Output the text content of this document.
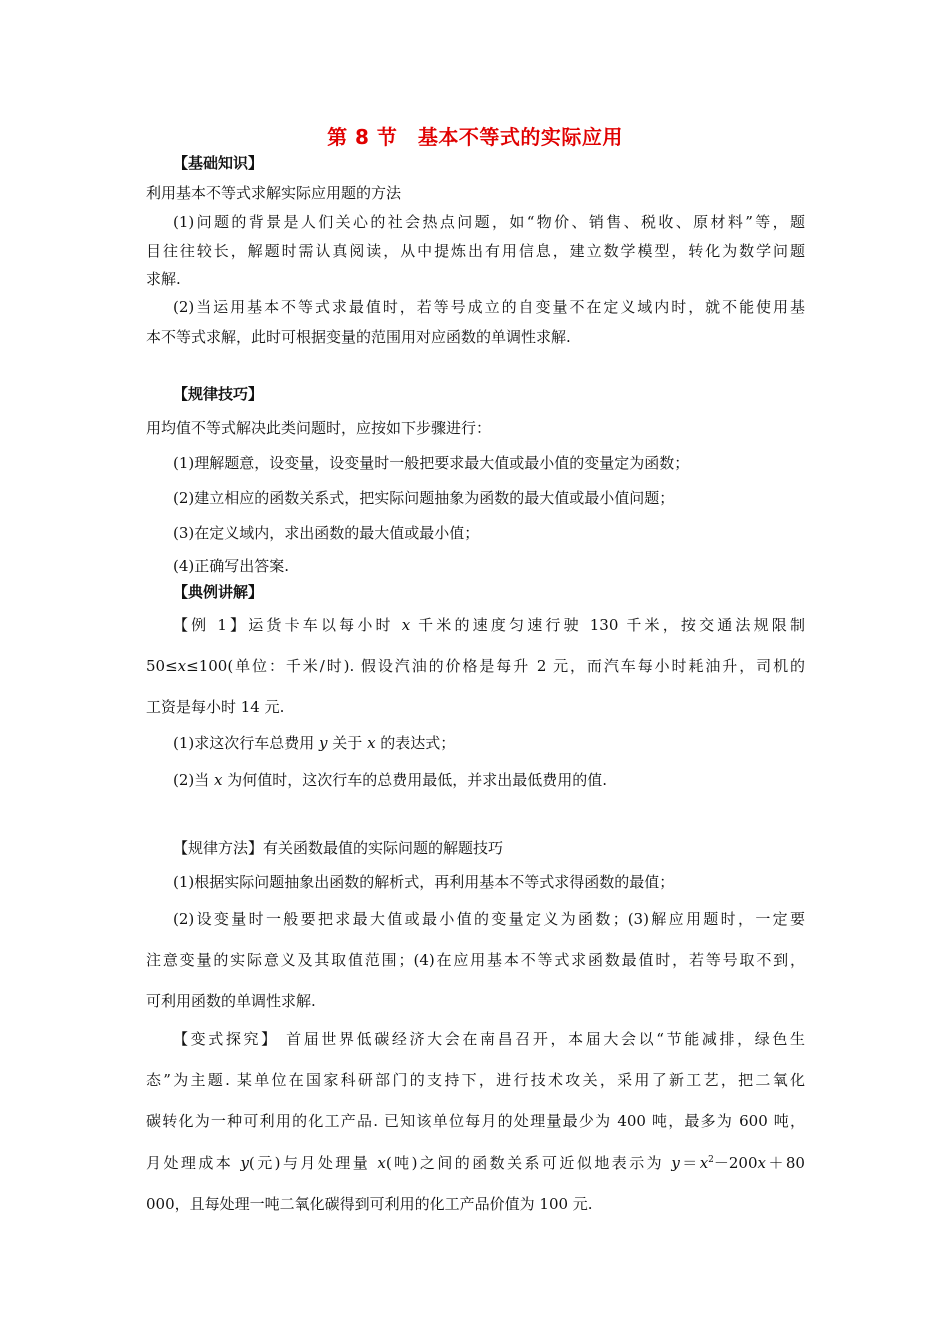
第 8 节　基本不等式的实际应用
【基础知识】
利用基本不等式求解实际应用题的方法
(1)问题的背景是人们关心的社会热点问题，如“物价、销售、税收、原材料”等，题
目往往较长，解题时需认真阅读，从中提炼出有用信息，建立数学模型，转化为数学问题
求解.
(2)当运用基本不等式求最值时，若等号成立的自变量不在定义域内时，就不能使用基
本不等式求解，此时可根据变量的范围用对应函数的单调性求解.
【规律技巧】
用均值不等式解决此类问题时，应按如下步骤进行：
(1)理解题意，设变量，设变量时一般把要求最大值或最小值的变量定为函数；
(2)建立相应的函数关系式，把实际问题抽象为函数的最大值或最小值问题；
(3)在定义域内，求出函数的最大值或最小值；
(4)正确写出答案.
【典例讲解】
【例 1】运货卡车以每小时 x 千米的速度匀速行驶 130 千米，按交通法规限制
50≤x≤100(单位：千米/时). 假设汽油的价格是每升 2 元，而汽车每小时耗油升，司机的
工资是每小时 14 元.
(1)求这次行车总费用 y 关于 x 的表达式；
(2)当 x 为何值时，这次行车的总费用最低，并求出最低费用的值.
【规律方法】有关函数最值的实际问题的解题技巧
(1)根据实际问题抽象出函数的解析式，再利用基本不等式求得函数的最值；
(2)设变量时一般要把求最大值或最小值的变量定义为函数；(3)解应用题时，一定要
注意变量的实际意义及其取值范围；(4)在应用基本不等式求函数最值时，若等号取不到，
可利用函数的单调性求解.
【变式探究】 首届世界低碳经济大会在南昌召开，本届大会以“节能减排，绿色生
态”为主题. 某单位在国家科研部门的支持下，进行技术攻关，采用了新工艺，把二氧化
碳转化为一种可利用的化工产品. 已知该单位每月的处理量最少为 400 吨，最多为 600 吨，
月处理成本 y(元)与月处理量 x(吨)之间的函数关系可近似地表示为 $y=x^2-200x+80$
000，且每处理一吨二氧化碳得到可利用的化工产品价值为 100 元.
